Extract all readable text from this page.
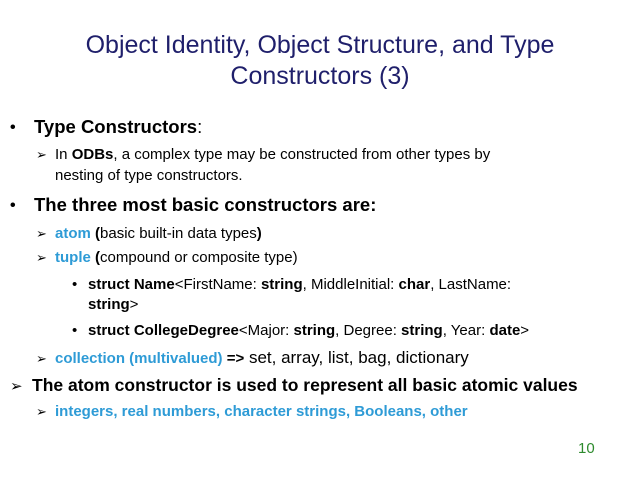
Object Identity, Object Structure, and Type
Constructors (3)
• Type Constructors:
➢ In ODBs, a complex type may be constructed from other types by
nesting of type constructors.
• The three most basic constructors are:
➢ atom (basic built-in data types)
➢ tuple (compound or composite type)
• struct Name<FirstName: string, MiddleInitial: char, LastName:
string>
• struct CollegeDegree<Major: string, Degree: string, Year: date>
➢ collection (multivalued) => set, array, list, bag, dictionary
➢ The atom constructor is used to represent all basic atomic values
➢ integers, real numbers, character strings, Booleans, other
10
